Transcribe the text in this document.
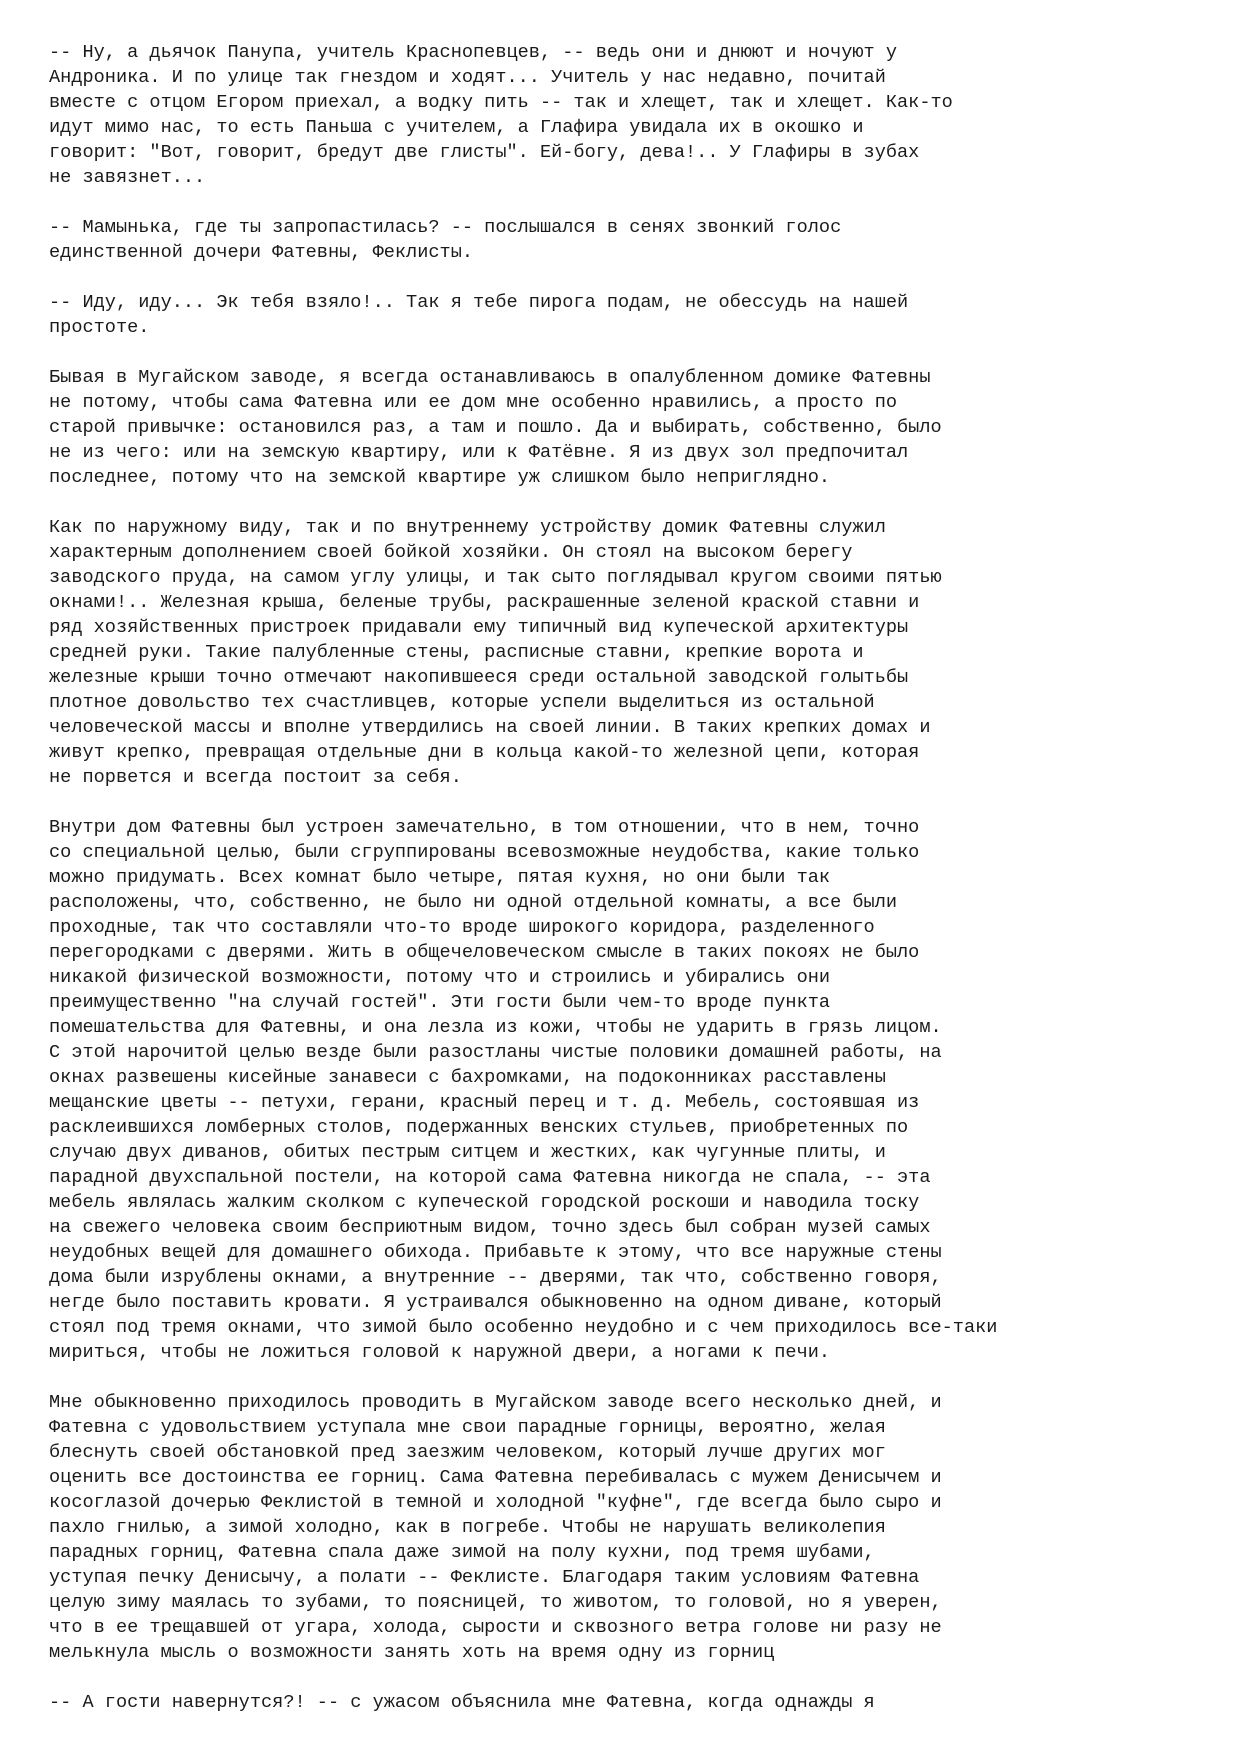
-- Ну, а дьячок Панупа, учитель Краснопевцев, -- ведь они и днюют и ночуют у
Андроника. И по улице так гнездом и ходят... Учитель у нас недавно, почитай
вместе с отцом Егором приехал, а водку пить -- так и хлещет, так и хлещет. Как-то
идут мимо нас, то есть Паньша с учителем, а Глафира увидала их в окошко и
говорит: "Вот, говорит, бредут две глисты". Ей-богу, дева!.. У Глафиры в зубах
не завязнет...
-- Мамынька, где ты запропастилась? -- послышался в сенях звонкий голос
единственной дочери Фатевны, Феклисты.
-- Иду, иду... Эк тебя взяло!.. Так я тебе пирога подам, не обессудь на нашей
простоте.
Бывая в Мугайском заводе, я всегда останавливаюсь в опалубленном домике Фатевны
не потому, чтобы сама Фатевна или ее дом мне особенно нравились, а просто по
старой привычке: остановился раз, а там и пошло. Да и выбирать, собственно, было
не из чего: или на земскую квартиру, или к Фатёвне. Я из двух зол предпочитал
последнее, потому что на земской квартире уж слишком было неприглядно.
Как по наружному виду, так и по внутреннему устройству домик Фатевны служил
характерным дополнением своей бойкой хозяйки. Он стоял на высоком берегу
заводского пруда, на самом углу улицы, и так сыто поглядывал кругом своими пятью
окнами!.. Железная крыша, беленые трубы, раскрашенные зеленой краской ставни и
ряд хозяйственных пристроек придавали ему типичный вид купеческой архитектуры
средней руки. Такие палубленные стены, расписные ставни, крепкие ворота и
железные крыши точно отмечают накопившееся среди остальной заводской голытьбы
плотное довольство тех счастливцев, которые успели выделиться из остальной
человеческой массы и вполне утвердились на своей линии. В таких крепких домах и
живут крепко, превращая отдельные дни в кольца какой-то железной цепи, которая
не порвется и всегда постоит за себя.
Внутри дом Фатевны был устроен замечательно, в том отношении, что в нем, точно
со специальной целью, были сгруппированы всевозможные неудобства, какие только
можно придумать. Всех комнат было четыре, пятая кухня, но они были так
расположены, что, собственно, не было ни одной отдельной комнаты, а все были
проходные, так что составляли что-то вроде широкого коридора, разделенного
перегородками с дверями. Жить в общечеловеческом смысле в таких покоях не было
никакой физической возможности, потому что и строились и убирались они
преимущественно "на случай гостей". Эти гости были чем-то вроде пункта
помешательства для Фатевны, и она лезла из кожи, чтобы не ударить в грязь лицом.
С этой нарочитой целью везде были разостланы чистые половики домашней работы, на
окнах развешены кисейные занавеси с бахромками, на подоконниках расставлены
мещанские цветы -- петухи, герани, красный перец и т. д. Мебель, состоявшая из
расклеившихся ломберных столов, подержанных венских стульев, приобретенных по
случаю двух диванов, обитых пестрым ситцем и жестких, как чугунные плиты, и
парадной двухспальной постели, на которой сама Фатевна никогда не спала, -- эта
мебель являлась жалким сколком с купеческой городской роскоши и наводила тоску
на свежего человека своим бесприютным видом, точно здесь был собран музей самых
неудобных вещей для домашнего обихода. Прибавьте к этому, что все наружные стены
дома были изрублены окнами, а внутренние -- дверями, так что, собственно говоря,
негде было поставить кровати. Я устраивался обыкновенно на одном диване, который
стоял под тремя окнами, что зимой было особенно неудобно и с чем приходилось все-таки
мириться, чтобы не ложиться головой к наружной двери, а ногами к печи.
Мне обыкновенно приходилось проводить в Мугайском заводе всего несколько дней, и
Фатевна с удовольствием уступала мне свои парадные горницы, вероятно, желая
блеснуть своей обстановкой пред заезжим человеком, который лучше других мог
оценить все достоинства ее горниц. Сама Фатевна перебивалась с мужем Денисычем и
косоглазой дочерью Феклистой в темной и холодной "куфне", где всегда было сыро и
пахло гнилью, а зимой холодно, как в погребе. Чтобы не нарушать великолепия
парадных горниц, Фатевна спала даже зимой на полу кухни, под тремя шубами,
уступая печку Денисычу, а полати -- Феклисте. Благодаря таким условиям Фатевна
целую зиму маялась то зубами, то поясницей, то животом, то головой, но я уверен,
что в ее трещавшей от угара, холода, сырости и сквозного ветра голове ни разу не
мелькнула мысль о возможности занять хоть на время одну из горниц
-- А гости навернутся?! -- с ужасом объяснила мне Фатевна, когда однажды я
